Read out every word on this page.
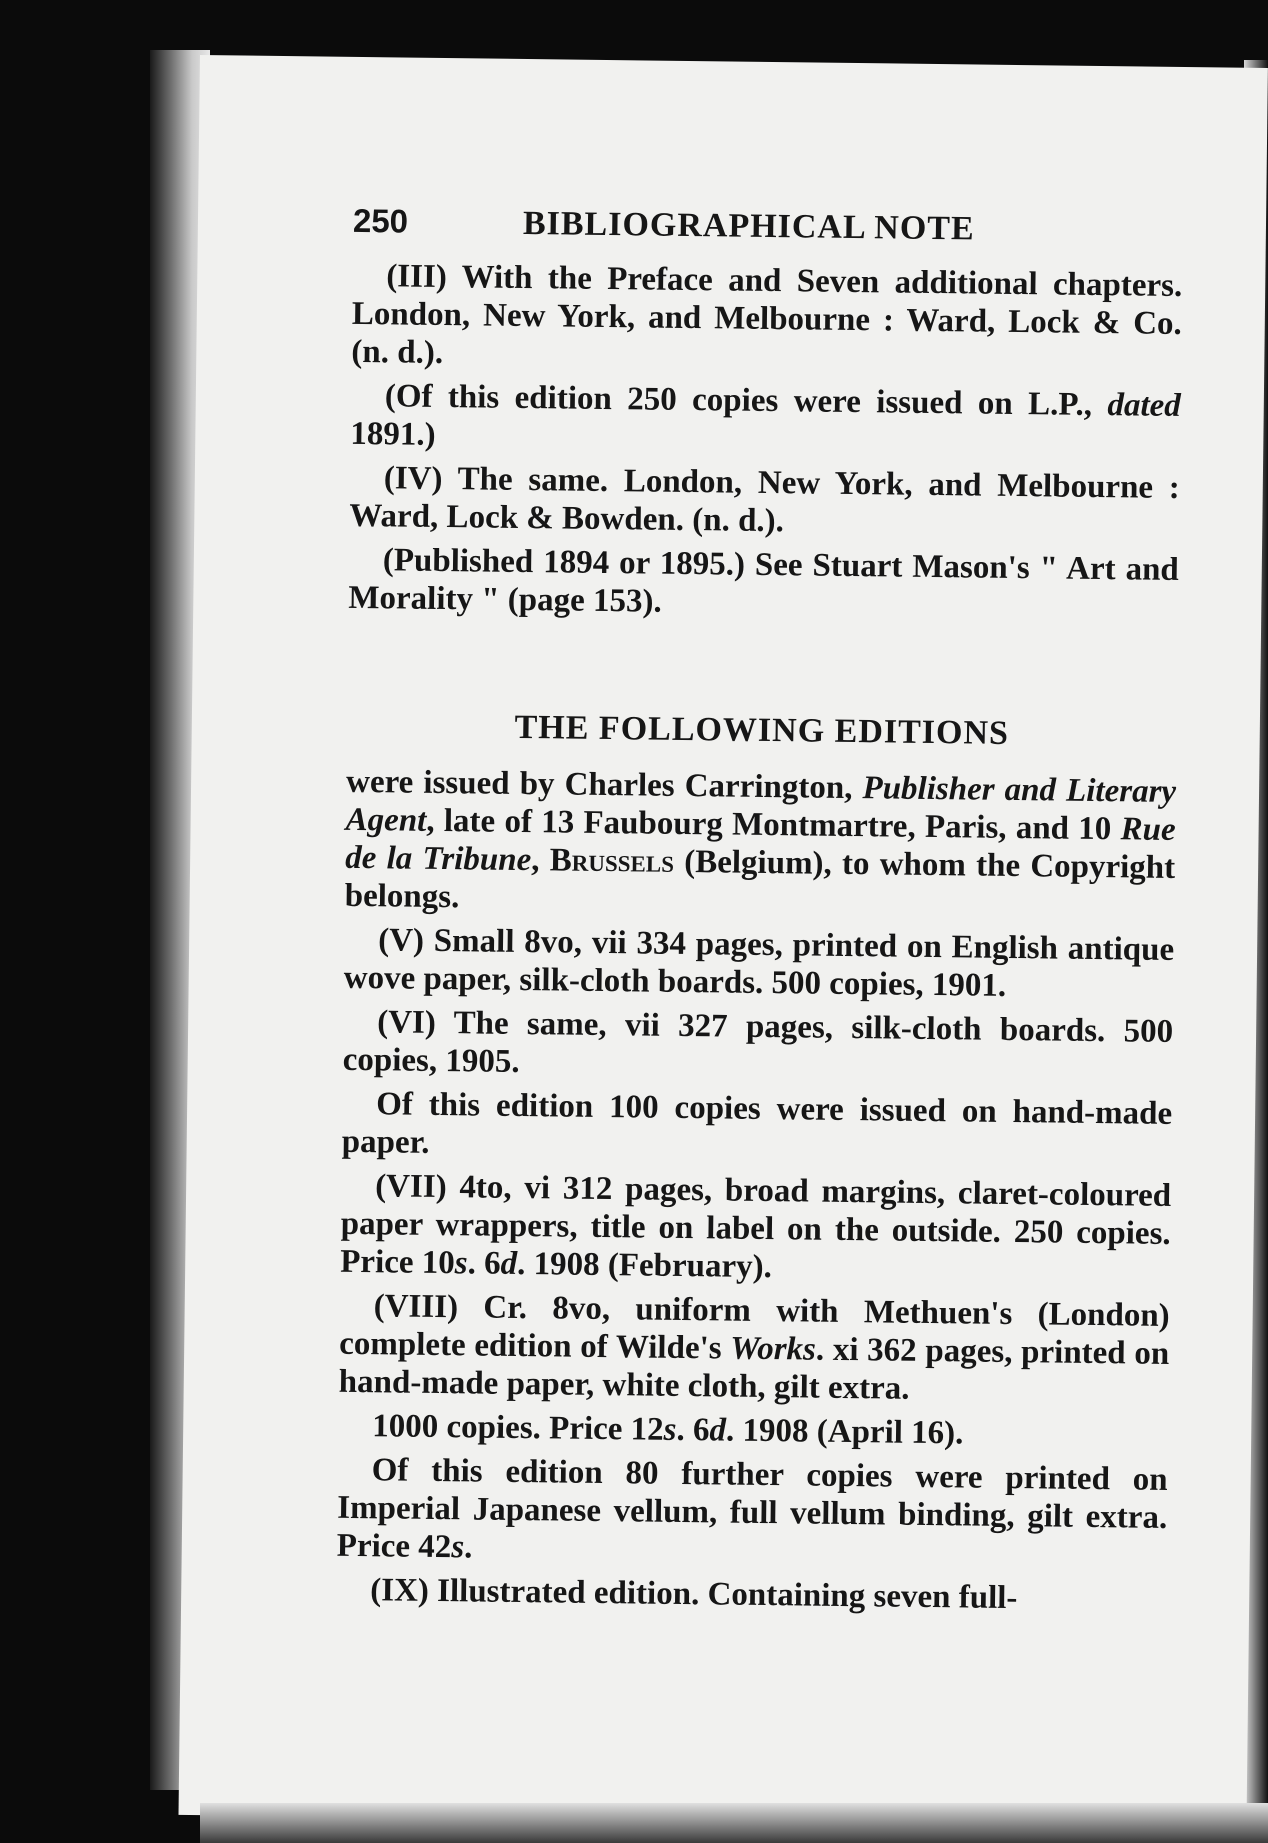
250	BIBLIOGRAPHICAL NOTE

(III) With the Preface and Seven additional chapters. London, New York, and Melbourne : Ward, Lock & Co. (n. d.).

(Of this edition 250 copies were issued on L.P., dated 1891.)

(IV) The same. London, New York, and Melbourne : Ward, Lock & Bowden. (n. d.).

(Published 1894 or 1895.) See Stuart Mason's " Art and Morality " (page 153).

THE FOLLOWING EDITIONS

were issued by Charles Carrington, Publisher and Literary Agent, late of 13 Faubourg Montmartre, Paris, and 10 Rue de la Tribune, Brussels (Belgium), to whom the Copyright belongs.

(V) Small 8vo, vii 334 pages, printed on English antique wove paper, silk-cloth boards. 500 copies, 1901.

(VI) The same, vii 327 pages, silk-cloth boards. 500 copies, 1905.

Of this edition 100 copies were issued on hand-made paper.

(VII) 4to, vi 312 pages, broad margins, claret-coloured paper wrappers, title on label on the outside. 250 copies. Price 10s. 6d. 1908 (February).

(VIII) Cr. 8vo, uniform with Methuen's (London) complete edition of Wilde's Works. xi 362 pages, printed on hand-made paper, white cloth, gilt extra.

1000 copies. Price 12s. 6d. 1908 (April 16).

Of this edition 80 further copies were printed on Imperial Japanese vellum, full vellum binding, gilt extra. Price 42s.

(IX) Illustrated edition. Containing seven full-
